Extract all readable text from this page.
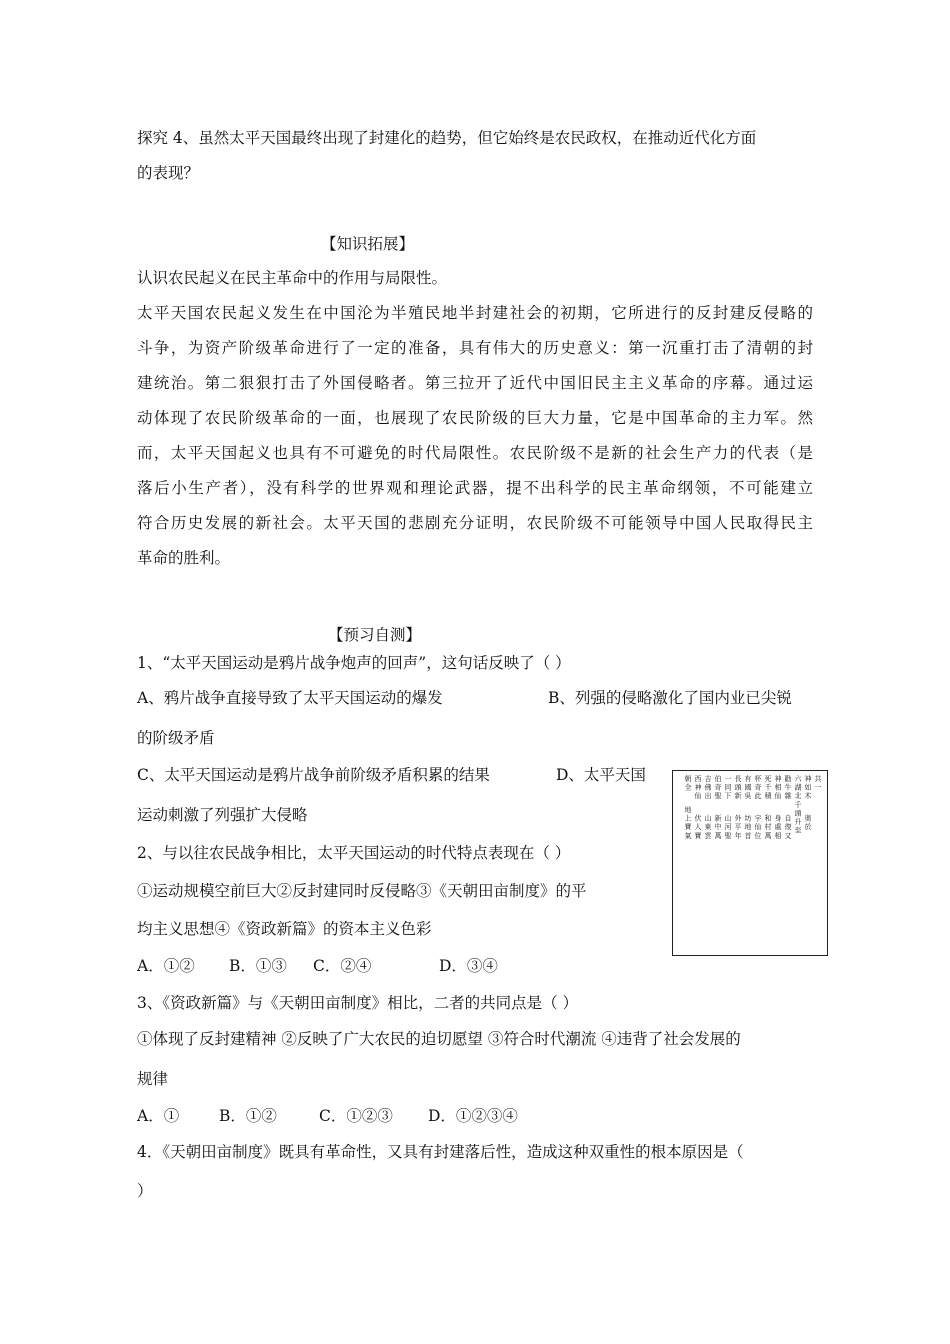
探究 4、虽然太平天国最终出现了封建化的趋势，但它始终是农民政权，在推动近代化方面
的表现？
【知识拓展】
认识农民起义在民主革命中的作用与局限性。
太平天国农民起义发生在中国沦为半殖民地半封建社会的初期，它所进行的反封建反侵略的
斗争，为资产阶级革命进行了一定的准备，具有伟大的历史意义：第一沉重打击了清朝的封
建统治。第二狠狠打击了外国侵略者。第三拉开了近代中国旧民主主义革命的序幕。通过运
动体现了农民阶级革命的一面，也展现了农民阶级的巨大力量，它是中国革命的主力军。然
而，太平天国起义也具有不可避免的时代局限性。农民阶级不是新的社会生产力的代表（是
落后小生产者），没有科学的世界观和理论武器，提不出科学的民主革命纲领，不可能建立
符合历史发展的新社会。太平天国的悲剧充分证明，农民阶级不可能领导中国人民取得民主
革命的胜利。
【预习自测】
1、“太平天国运动是鸦片战争炮声的回声”，这句话反映了（ ）
A、鸦片战争直接导致了太平天国运动的爆发	B、列强的侵略激化了国内业已尖锐
的阶级矛盾
C、太平天国运动是鸦片战争前阶级矛盾积累的结果	D、太平天国
运动刺激了列强扩大侵略
2、与以往农民战争相比，太平天国运动的时代特点表现在（ ）
①运动规模空前巨大②反封建同时反侵略③《天朝田亩制度》的平
均主义思想④《资政新篇》的资本主义色彩
A．①② B．①③ C．②④	D．③④
共
一
神
如
木
奥
於
六
湖
北
千
頭
升
至
勸
牛
雜
自
復
又
神
相
仙
身
處
相
死
千
積
和
村
萬
杯
奇
此
宇
仙
位
有
國
吳
坊
地
首
長
頭
新
外
平
年
一
同
下
山
河
聖
伯
奇
聖
新
中
萬
吉
佛
出
山
東
雲
西
神
仙
伏
人
寶
朝
全
地
上
寶
氣
3、《资政新篇》与《天朝田亩制度》相比，二者的共同点是（ ）
①体现了反封建精神 ②反映了广大农民的迫切愿望 ③符合时代潮流 ④违背了社会发展的
规律
A．①	B．①②	C．①②③ D．①②③④
4．《天朝田亩制度》既具有革命性，又具有封建落后性，造成这种双重性的根本原因是（
）
